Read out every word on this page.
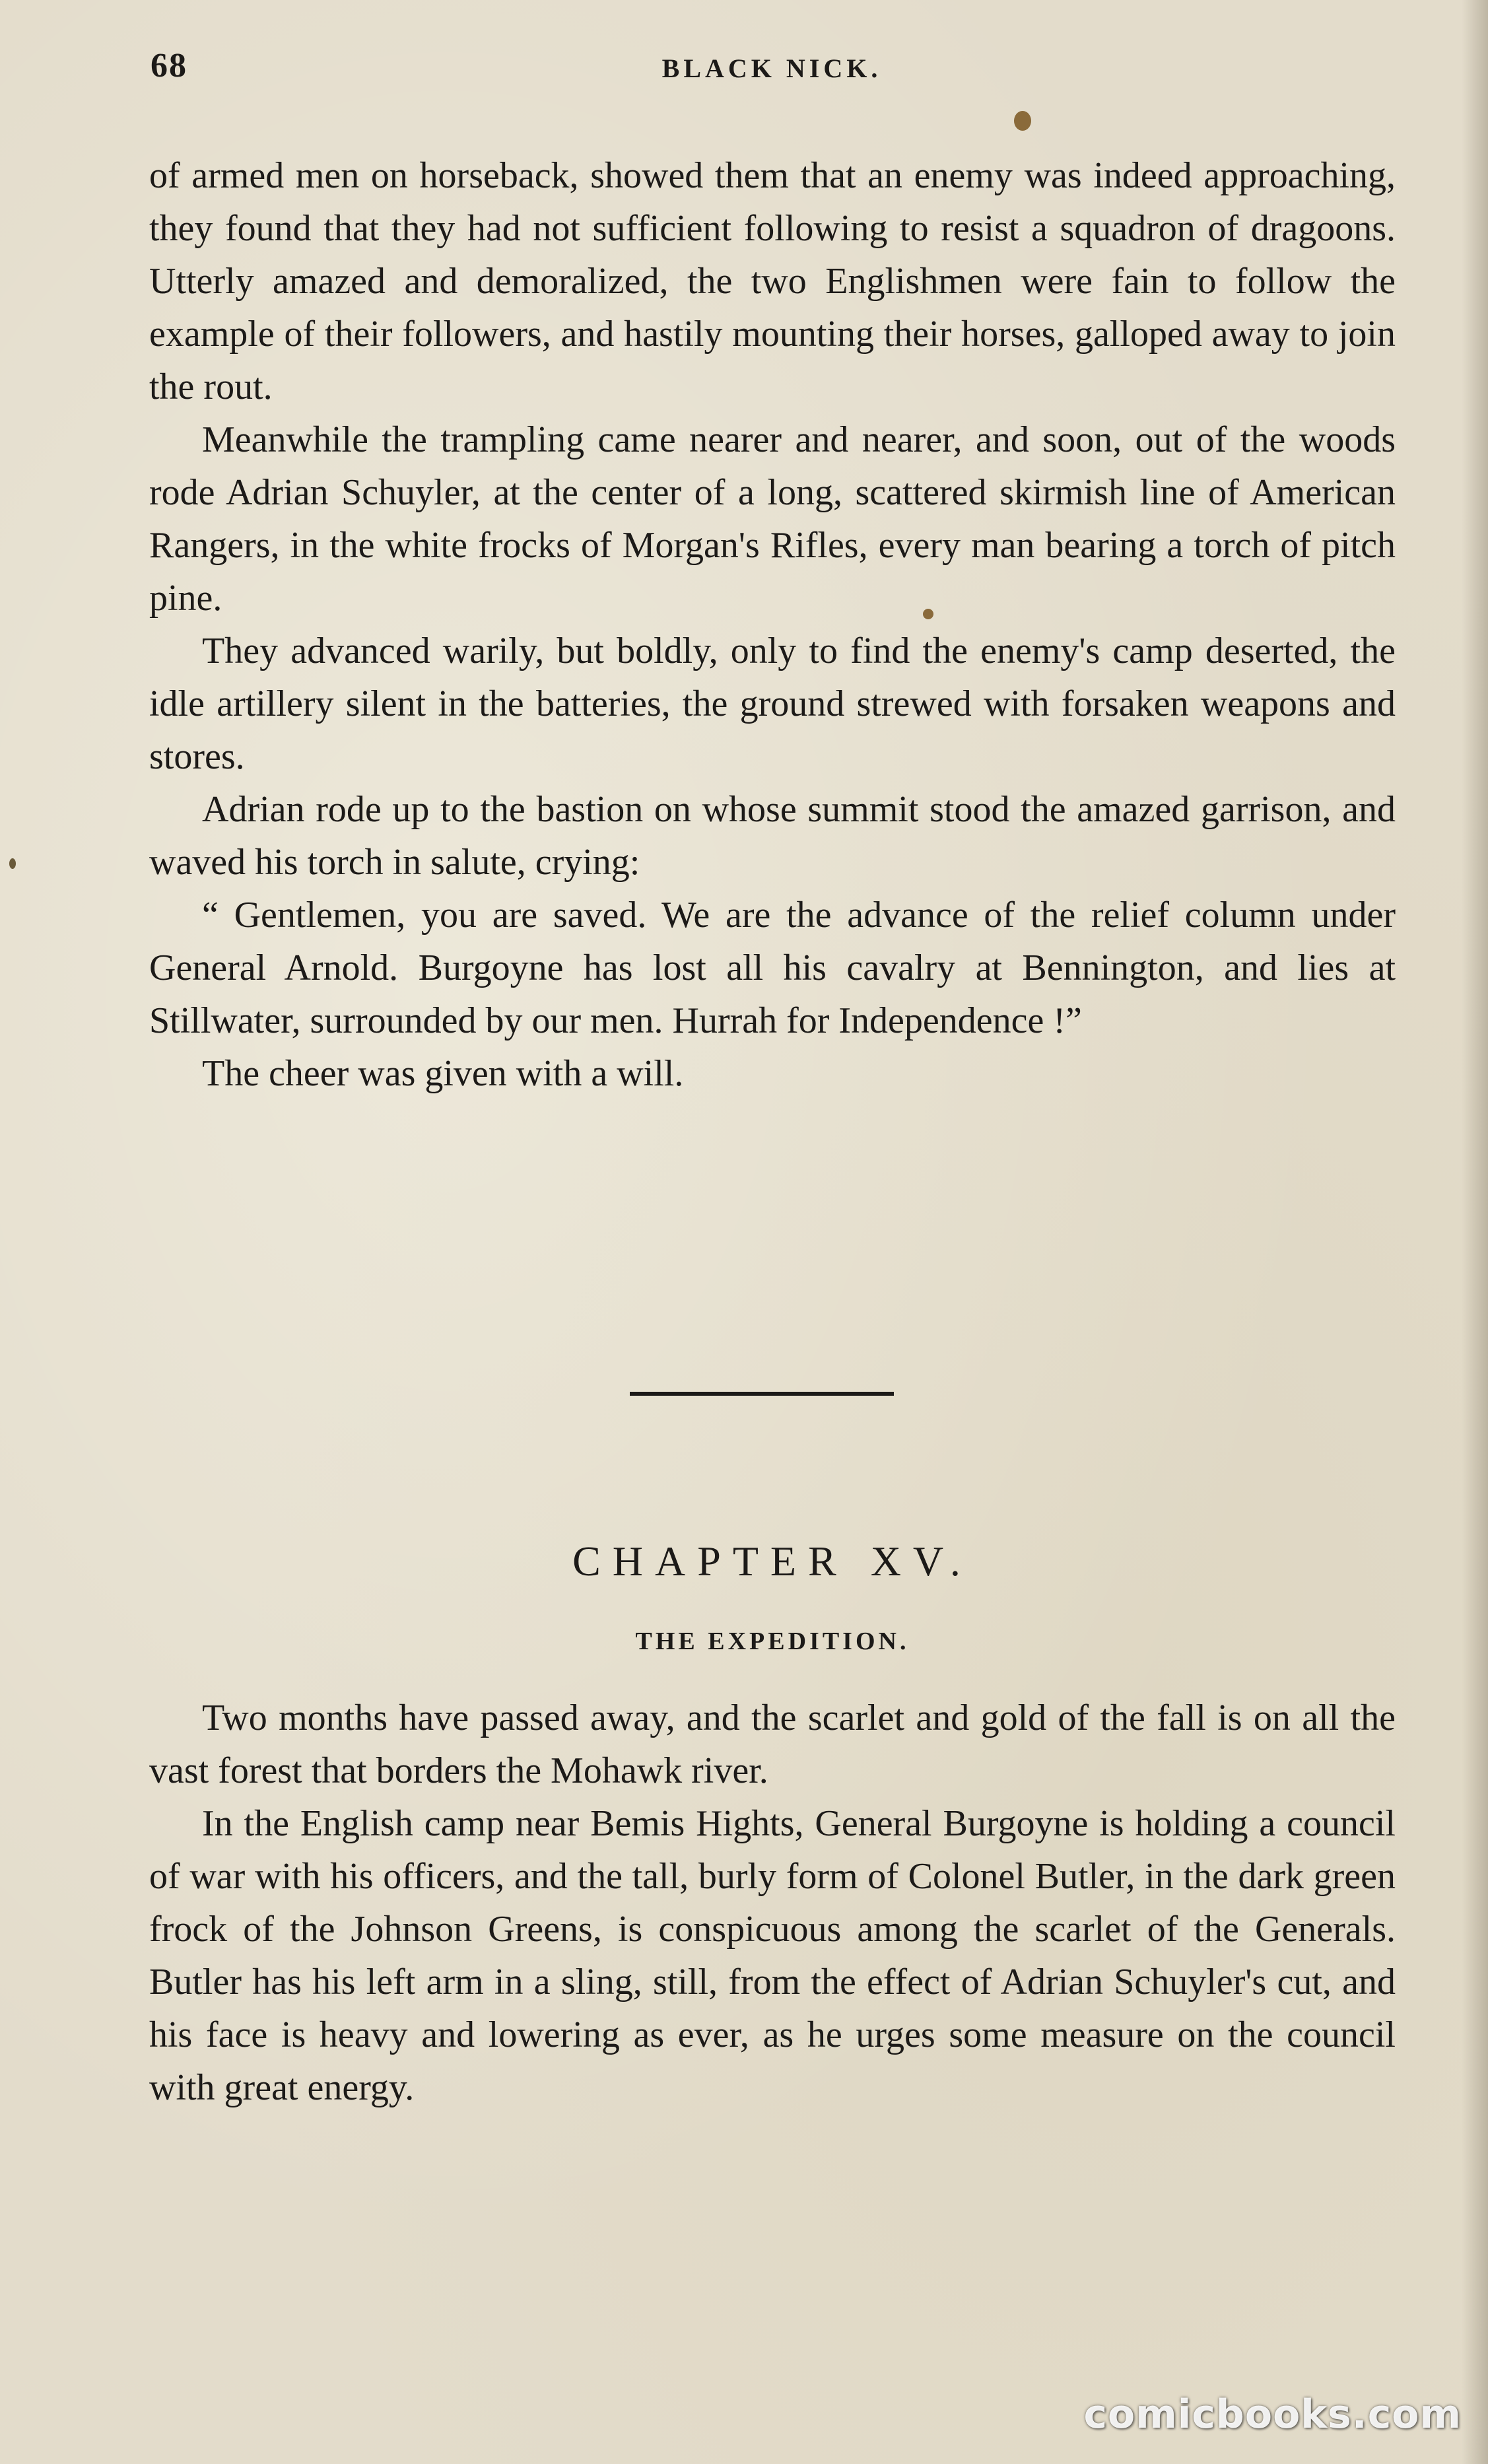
68	BLACK NICK.

of armed men on horseback, showed them that an enemy was indeed approaching, they found that they had not sufficient following to resist a squadron of dragoons. Utterly amazed and demoralized, the two Englishmen were fain to follow the example of their followers, and hastily mounting their horses, galloped away to join the rout.

Meanwhile the trampling came nearer and nearer, and soon, out of the woods rode Adrian Schuyler, at the center of a long, scattered skirmish line of American Rangers, in the white frocks of Morgan's Rifles, every man bearing a torch of pitch pine.

They advanced warily, but boldly, only to find the enemy's camp deserted, the idle artillery silent in the batteries, the ground strewed with forsaken weapons and stores.

Adrian rode up to the bastion on whose summit stood the amazed garrison, and waved his torch in salute, crying:

“ Gentlemen, you are saved. We are the advance of the relief column under General Arnold. Burgoyne has lost all his cavalry at Bennington, and lies at Stillwater, surrounded by our men. Hurrah for Independence !”

The cheer was given with a will.

CHAPTER XV.
THE EXPEDITION.

Two months have passed away, and the scarlet and gold of the fall is on all the vast forest that borders the Mohawk river.

In the English camp near Bemis Hights, General Burgoyne is holding a council of war with his officers, and the tall, burly form of Colonel Butler, in the dark green frock of the Johnson Greens, is conspicuous among the scarlet of the Generals. Butler has his left arm in a sling, still, from the effect of Adrian Schuyler's cut, and his face is heavy and lowering as ever, as he urges some measure on the council with great energy.

comicbooks.com
